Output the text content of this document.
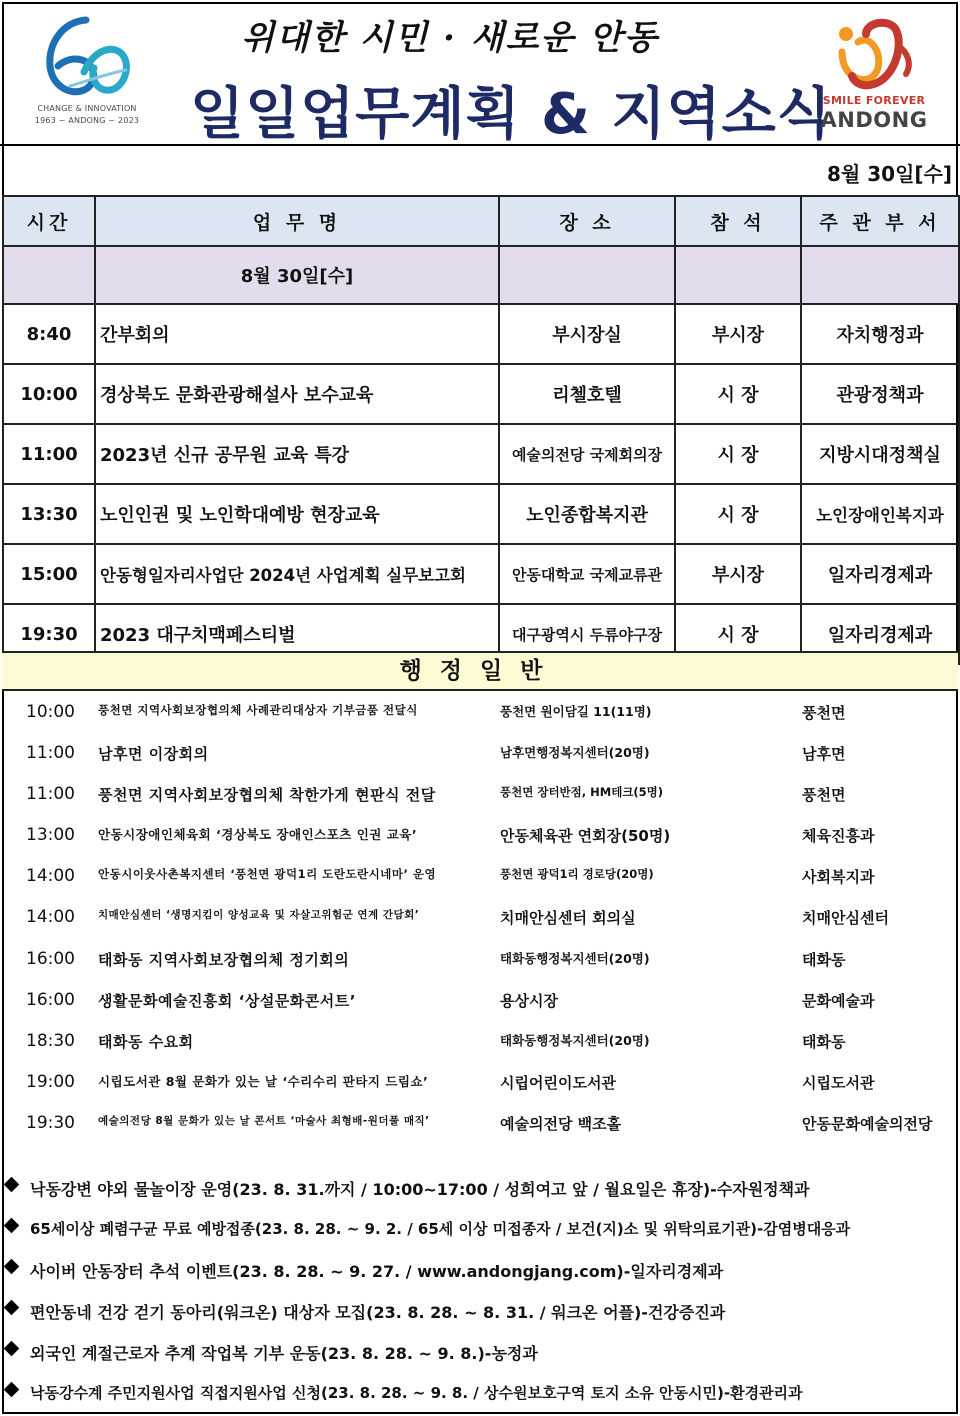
CHANGE & INNOVATION
1963 ~ ANDONG ~ 2023
위대한 시민 · 새로운 안동
일일업무계획 & 지역소식
SMILE FOREVER
ANDONG
8월 30일[수]
시간	업 무 명	장 소	참 석	주 관 부 서
	8월 30일[수]			
8:40	간부회의	부시장실	부시장	자치행정과
10:00	경상북도 문화관광해설사 보수교육	리첼호텔	시 장	관광정책과
11:00	2023년 신규 공무원 교육 특강	예술의전당 국제회의장	시 장	지방시대정책실
13:30	노인인권 및 노인학대예방 현장교육	노인종합복지관	시 장	노인장애인복지과
15:00	안동형일자리사업단 2024년 사업계획 실무보고회	안동대학교 국제교류관	부시장	일자리경제과
19:30	2023 대구치맥페스티벌	대구광역시 두류야구장	시 장	일자리경제과
행정일반
10:00 풍천면 지역사회보장협의체 사례관리대상자 기부금품 전달식	풍천면 원이담길 11(11명)	풍천면
11:00 남후면 이장회의	남후면행정복지센터(20명)	남후면
11:00 풍천면 지역사회보장협의체 착한가게 현판식 전달	풍천면 장터반점, HM테크(5명)	풍천면
13:00 안동시장애인체육회 ‘경상북도 장애인스포츠 인권 교육’	안동체육관 연회장(50명)	체육진흥과
14:00 안동시이웃사촌복지센터 ‘풍천면 광덕1리 도란도란시네마’ 운영	풍천면 광덕1리 경로당(20명)	사회복지과
14:00 치매안심센터 ‘생명지킴이 양성교육 및 자살고위험군 연계 간담회’	치매안심센터 회의실	치매안심센터
16:00 태화동 지역사회보장협의체 정기회의	태화동행정복지센터(20명)	태화동
16:00 생활문화예술진흥회 ‘상설문화콘서트’	용상시장	문화예술과
18:30 태화동 수요회	태화동행정복지센터(20명)	태화동
19:00 시립도서관 8월 문화가 있는 날 ‘수리수리 판타지 드림쇼’	시립어린이도서관	시립도서관
19:30 예술의전당 8월 문화가 있는 날 콘서트 ‘마술사 최형배-원더풀 매직’	예술의전당 백조홀	안동문화예술의전당
낙동강변 야외 물놀이장 운영(23. 8. 31.까지 / 10:00~17:00 / 성희여고 앞 / 월요일은 휴장)-수자원정책과
65세이상 폐렴구균 무료 예방접종(23. 8. 28. ~ 9. 2. / 65세 이상 미접종자 / 보건(지)소 및 위탁의료기관)-감염병대응과
사이버 안동장터 추석 이벤트(23. 8. 28. ~ 9. 27. / www.andongjang.com)-일자리경제과
편안동네 건강 걷기 동아리(워크온) 대상자 모집(23. 8. 28. ~ 8. 31. / 워크온 어플)-건강증진과
외국인 계절근로자 추계 작업복 기부 운동(23. 8. 28. ~ 9. 8.)-농정과
낙동강수계 주민지원사업 직접지원사업 신청(23. 8. 28. ~ 9. 8. / 상수원보호구역 토지 소유 안동시민)-환경관리과
